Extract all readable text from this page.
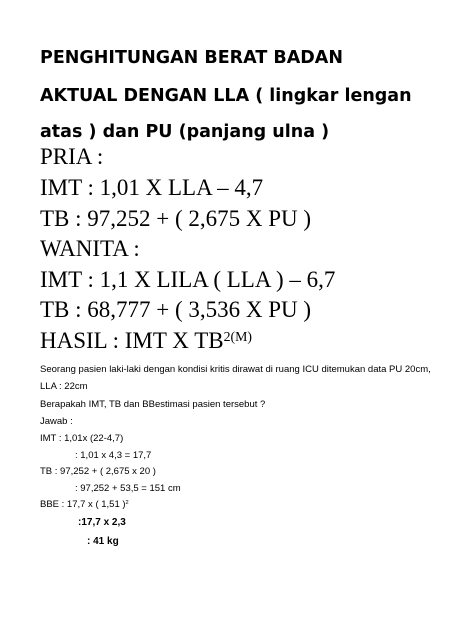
PENGHITUNGAN BERAT BADAN
AKTUAL DENGAN LLA ( lingkar lengan
atas ) dan PU (panjang ulna )
PRIA :
IMT : 1,01 X LLA – 4,7
TB : 97,252 + ( 2,675 X PU )
WANITA :
IMT : 1,1 X LILA ( LLA ) – 6,7
TB : 68,777 + ( 3,536 X PU )
HASIL : IMT X $TB^{2(M)}$
Seorang pasien laki-laki dengan kondisi kritis dirawat di ruang ICU ditemukan data PU 20cm,
LLA : 22cm
Berapakah IMT, TB dan BBestimasi pasien tersebut ?
Jawab :
IMT : 1,01x (22-4,7)
: 1,01 x 4,3 = 17,7
TB : 97,252 + ( 2,675 x 20 )
: 97,252 + 53,5 = 151 cm
BBE : 17,7 x ( 1,51 )$^2$
:17,7 x 2,3
: 41 kg
